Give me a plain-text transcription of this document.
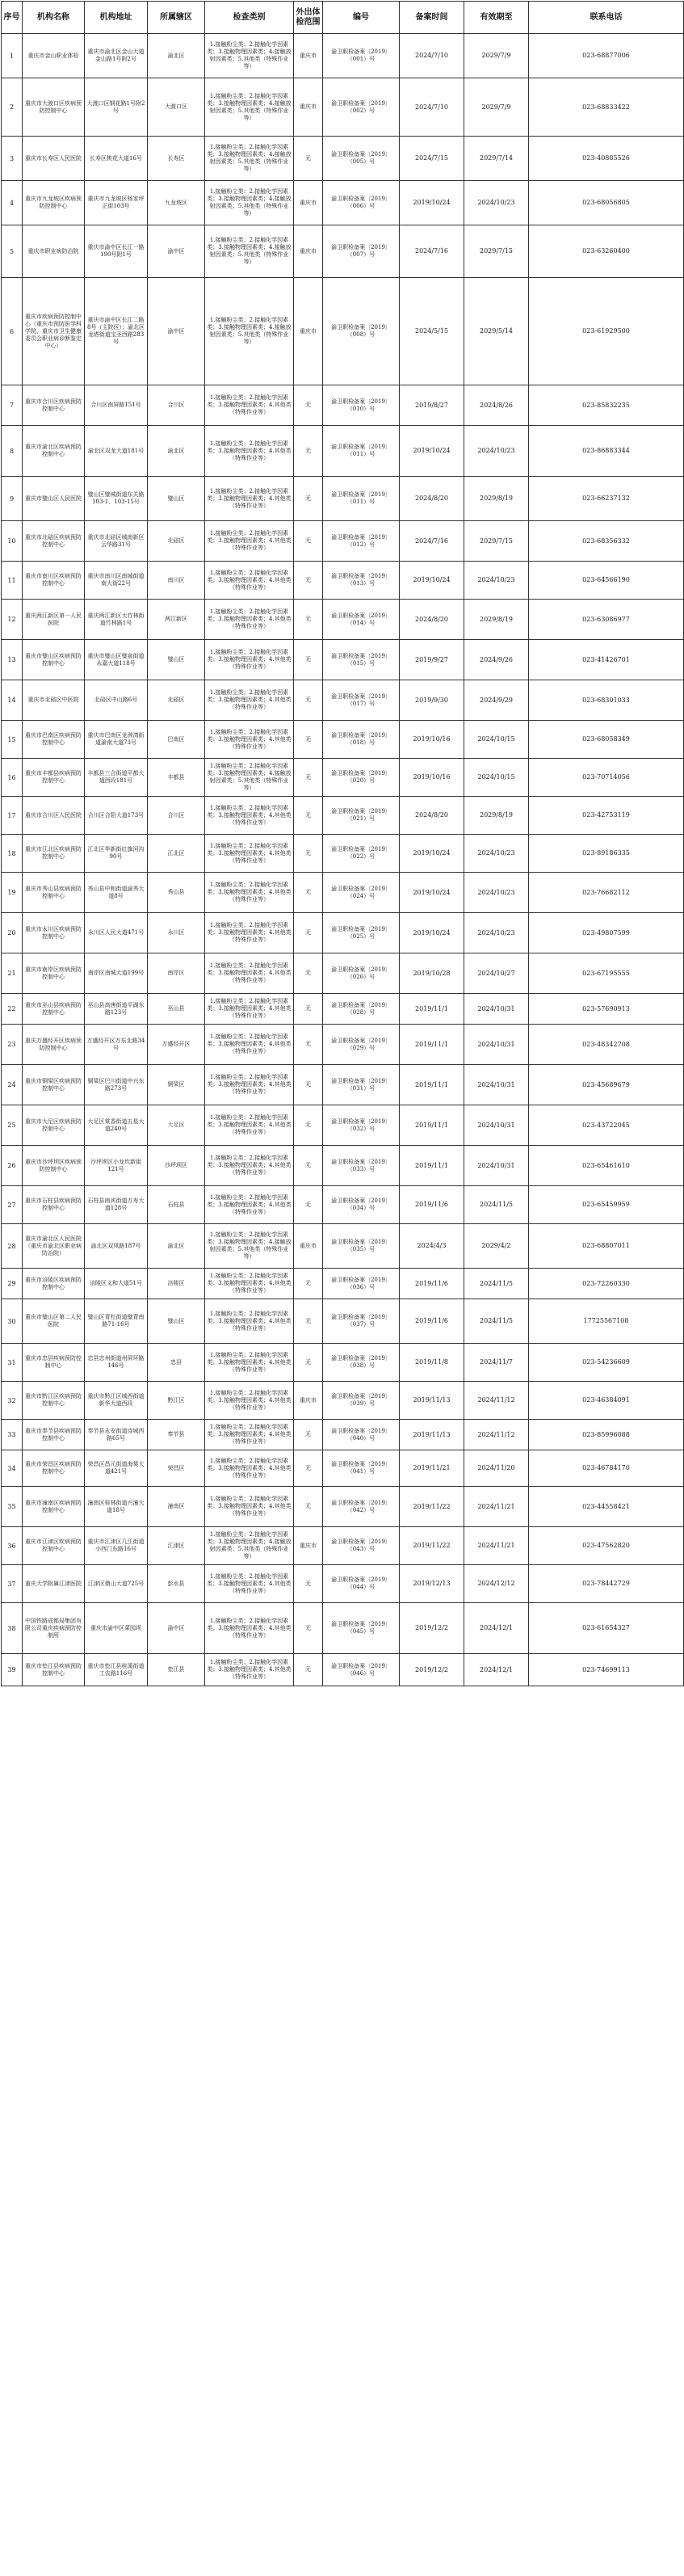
序号	机构名称	机构地址	所属辖区	检查类别	外出体检范围	编号	备案时间	有效期至	联系电话
1	重庆市金山职业体检	重庆市渝北区金山大道金山路1号附2号	渝北区	1.接触粉尘类；2.接触化学因素类；3.接触物理因素类；4.接触放射因素类；5.其他类（特殊作业等）	重庆市	渝卫职检备案〔2019〕（001）号	2024/7/10	2029/7/9	023-68877006
2	重庆市大渡口区疾病预防控制中心	大渡口区钢花路1号附2号	大渡口区	1.接触粉尘类；2.接触化学因素类；3.接触物理因素类；4.接触放射因素类；5.其他类（特殊作业等）	重庆市	渝卫职检备案〔2019〕（002）号	2024/7/10	2029/7/9	023-68833422
3	重庆市长寿区人民医院	长寿区桃花大道16号	长寿区	1.接触粉尘类；2.接触化学因素类；3.接触物理因素类；4.接触放射因素类；5.其他类（特殊作业等）	无	渝卫职检备案〔2019〕（005）号	2024/7/15	2029/7/14	023-40885526
4	重庆市九龙坡区疾病预防控制中心	重庆市九龙坡区杨家坪正街103号	九龙坡区	1.接触粉尘类；2.接触化学因素类；3.接触物理因素类；4.接触放射因素类；5.其他类（特殊作业等）	重庆市	渝卫职检备案〔2019〕（006）号	2019/10/24	2024/10/23	023-68056805
5	重庆市职业病防治院	重庆市渝中区长江一路190号附1号	渝中区	1.接触粉尘类；2.接触化学因素类；3.接触物理因素类；4.接触放射因素类；5.其他类（特殊作业等）	重庆市	渝卫职检备案〔2019〕（007）号	2024/7/16	2029/7/15	023-63260400
6	重庆市疾病预防控制中心（重庆市预防医学科学院、重庆市卫生健康委员会职业病诊断鉴定中心）	重庆市渝中区长江二路8号（主院区）；渝北区龙塔街道宝圣西路283号	渝中区	1.接触粉尘类；2.接触化学因素类；3.接触物理因素类；4.接触放射因素类；5.其他类（特殊作业等）	重庆市	渝卫职检备案〔2019〕（008）号	2024/5/15	2029/5/14	023-61929500
7	重庆市合川区疾病预防控制中心	合川区南屏路151号	合川区	1.接触粉尘类；2.接触化学因素类；3.接触物理因素类；4.其他类（特殊作业等）	无	渝卫职检备案〔2019〕（010）号	2019/8/27	2024/8/26	023-85832235
8	重庆市渝北区疾病预防控制中心	渝北区双龙大道181号	渝北区	1.接触粉尘类；2.接触化学因素类；3.接触物理因素类；4.其他类（特殊作业等）	无	渝卫职检备案〔2019〕（011）号	2019/10/24	2024/10/23	023-86883344
9	重庆市璧山区人民医院	璧山区璧城街道东关路103-1、103-15号	璧山区	1.接触粉尘类；2.接触化学因素类；3.接触物理因素类；4.其他类（特殊作业等）	无	渝卫职检备案〔2019〕（011）号	2024/8/20	2029/8/19	023-66237132
10	重庆市北碚区疾病预防控制中心	重庆市北碚区城南新区云华路31号	北碚区	1.接触粉尘类；2.接触化学因素类；3.接触物理因素类；4.其他类（特殊作业等）	无	渝卫职检备案〔2019〕（012）号	2024/7/16	2029/7/15	023-68356332
11	重庆市南川区疾病预防控制中心	重庆市南川区南城街道南大街22号	南川区	1.接触粉尘类；2.接触化学因素类；3.接触物理因素类；4.其他类（特殊作业等）	无	渝卫职检备案〔2019〕（013）号	2019/10/24	2024/10/23	023-64566190
12	重庆两江新区第一人民医院	重庆两江新区大竹林街道竹林路1号	两江新区	1.接触粉尘类；2.接触化学因素类；3.接触物理因素类；4.其他类（特殊作业等）	无	渝卫职检备案〔2019〕（014）号	2024/8/20	2029/8/19	023-63086977
13	重庆市璧山区疾病预防控制中心	重庆市璧山区璧泉街道永嘉大道118号	璧山区	1.接触粉尘类；2.接触化学因素类；3.接触物理因素类；4.其他类（特殊作业等）	无	渝卫职检备案〔2019〕（015）号	2019/9/27	2024/9/26	023-41426701
14	重庆市北碚区中医院	北碚区中山路6号	北碚区	1.接触粉尘类；2.接触化学因素类；3.接触物理因素类；4.其他类（特殊作业等）	无	渝卫职检备案〔2019〕（017）号	2019/9/30	2024/9/29	023-68301033
15	重庆市巴南区疾病预防控制中心	重庆市巴南区龙洲湾街道渝南大道73号	巴南区	1.接触粉尘类；2.接触化学因素类；3.接触物理因素类；4.其他类（特殊作业等）	无	渝卫职检备案〔2019〕（018）号	2019/10/16	2024/10/15	023-68058349
16	重庆市丰都县疾病预防控制中心	丰都县三合街道平都大道西段181号	丰都县	1.接触粉尘类；2.接触化学因素类；3.接触物理因素类；4.接触放射因素类；5.其他类（特殊作业等）	无	渝卫职检备案〔2019〕（020）号	2019/10/16	2024/10/15	023-70714056
17	重庆市合川区人民医院	合川区合阳大道173号	合川区	1.接触粉尘类；2.接触化学因素类；3.接触物理因素类；4.其他类（特殊作业等）	无	渝卫职检备案〔2019〕（021）号	2024/8/20	2029/8/19	023-42753119
18	重庆市江北区疾病预防控制中心	江北区华新街红旗河沟90号	江北区	1.接触粉尘类；2.接触化学因素类；3.接触物理因素类；4.其他类（特殊作业等）	无	渝卫职检备案〔2019〕（022）号	2019/10/24	2024/10/23	023-89186335
19	重庆市秀山县疾病预防控制中心	秀山县中和街道渝秀大道8号	秀山县	1.接触粉尘类；2.接触化学因素类；3.接触物理因素类；4.其他类（特殊作业等）	无	渝卫职检备案〔2019〕（024）号	2019/10/24	2024/10/23	023-76682112
20	重庆市永川区疾病预防控制中心	永川区人民大道471号	永川区	1.接触粉尘类；2.接触化学因素类；3.接触物理因素类；4.其他类（特殊作业等）	无	渝卫职检备案〔2019〕（025）号	2019/10/24	2024/10/23	023-49807599
21	重庆市南岸区疾病预防控制中心	南岸区南城大道199号	南岸区	1.接触粉尘类；2.接触化学因素类；3.接触物理因素类；4.其他类（特殊作业等）	无	渝卫职检备案〔2019〕（026）号	2019/10/28	2024/10/27	023-67195555
22	重庆市巫山县疾病预防控制中心	巫山县高唐街道平湖东路123号	巫山县	1.接触粉尘类；2.接触化学因素类；3.接触物理因素类；4.其他类（特殊作业等）	无	渝卫职检备案〔2019〕（028）号	2019/11/1	2024/10/31	023-57690913
23	重庆万盛经开区疾病预防控制中心	万盛经开区万东北路34号	万盛经开区	1.接触粉尘类；2.接触化学因素类；3.接触物理因素类；4.其他类（特殊作业等）	无	渝卫职检备案〔2019〕（029）号	2019/11/1	2024/10/31	023-48342708
24	重庆市铜梁区疾病预防控制中心	铜梁区巴川街道中兴东路273号	铜梁区	1.接触粉尘类；2.接触化学因素类；3.接触物理因素类；4.其他类（特殊作业等）	无	渝卫职检备案〔2019〕（031）号	2019/11/1	2024/10/31	023-45689679
25	重庆市大足区疾病预防控制中心	大足区棠香街道五星大道240号	大足区	1.接触粉尘类；2.接触化学因素类；3.接触物理因素类；4.其他类（特殊作业等）	无	渝卫职检备案〔2019〕（032）号	2019/11/1	2024/10/31	023-43722045
26	重庆市沙坪坝区疾病预防控制中心	沙坪坝区小龙坎新街121号	沙坪坝区	1.接触粉尘类；2.接触化学因素类；3.接触物理因素类；4.其他类（特殊作业等）	无	渝卫职检备案〔2019〕（033）号	2019/11/1	2024/10/31	023-65461610
27	重庆市石柱县疾病预防控制中心	石柱县南宾街道万寿大道128号	石柱县	1.接触粉尘类；2.接触化学因素类；3.接触物理因素类；4.其他类（特殊作业等）	无	渝卫职检备案〔2019〕（034）号	2019/11/6	2024/11/5	023-65459959
28	重庆市渝北区人民医院（重庆市渝北区职业病防治院）	渝北区双凤路187号	渝北区	1.接触粉尘类；2.接触化学因素类；3.接触物理因素类；4.接触放射因素类；5.其他类（特殊作业等）	重庆市	渝卫职检备案〔2019〕（035）号	2024/4/3	2029/4/2	023-68807011
29	重庆市涪陵区疾病预防控制中心	涪陵区义和大道51号	涪陵区	1.接触粉尘类；2.接触化学因素类；3.接触物理因素类；4.其他类（特殊作业等）	无	渝卫职检备案〔2019〕（036）号	2019/11/6	2024/11/5	023-72260330
30	重庆市璧山区第二人民医院	璧山区青杠街道璧青南路71-16号	璧山区	1.接触粉尘类；2.接触化学因素类；3.接触物理因素类；4.其他类（特殊作业等）	无	渝卫职检备案〔2019〕（037）号	2019/11/6	2024/11/5	17725567108
31	重庆市忠县疾病预防控制中心	忠县忠州街道州屏环路146号	忠县	1.接触粉尘类；2.接触化学因素类；3.接触物理因素类；4.其他类（特殊作业等）	无	渝卫职检备案〔2019〕（038）号	2019/11/8	2024/11/7	023-54236609
32	重庆市黔江区疾病预防控制中心	重庆市黔江区城西街道新华大道西段	黔江区	1.接触粉尘类；2.接触化学因素类；3.接触物理因素类；4.其他类（特殊作业等）	重庆市	渝卫职检备案〔2019〕（039）号	2019/11/13	2024/11/12	023-46384091
33	重庆市奉节县疾病预防控制中心	奉节县永安街道诗城西路65号	奉节县	1.接触粉尘类；2.接触化学因素类；3.接触物理因素类；4.其他类（特殊作业等）	无	渝卫职检备案〔2019〕（040）号	2019/11/13	2024/11/12	023-85996088
34	重庆市荣昌区疾病预防控制中心	荣昌区昌元街道海棠大道421号	荣昌区	1.接触粉尘类；2.接触化学因素类；3.接触物理因素类；4.其他类（特殊作业等）	无	渝卫职检备案〔2019〕（041）号	2019/11/21	2024/11/20	023-46784170
35	重庆市潼南区疾病预防控制中心	潼南区桂林街道兴潼大道18号	潼南区	1.接触粉尘类；2.接触化学因素类；3.接触物理因素类；4.其他类（特殊作业等）	无	渝卫职检备案〔2019〕（042）号	2019/11/22	2024/11/21	023-44558421
36	重庆市江津区疾病预防控制中心	重庆市江津区几江街道小西门东路16号	江津区	1.接触粉尘类；2.接触化学因素类；3.接触物理因素类；4.接触放射因素类；5.其他类（特殊作业等）	重庆市	渝卫职检备案〔2019〕（043）号	2019/11/22	2024/11/21	023-47562820
37	重庆大学附属江津医院	江津区鼎山大道725号	彭水县	1.接触粉尘类；2.接触化学因素类；3.接触物理因素类；4.其他类（特殊作业等）	无	渝卫职检备案〔2019〕（044）号	2019/12/13	2024/12/12	023-78442729
38	中国铁路成都局集团有限公司重庆疾病预防控制所	重庆市渝中区菜园坝	渝中区	1.接触粉尘类；2.接触化学因素类；3.接触物理因素类；4.其他类（特殊作业等）	无	渝卫职检备案〔2019〕（045）号	2019/12/2	2024/12/1	023-61654327
39	重庆市垫江县疾病预防控制中心	重庆市垫江县桂溪街道工农路116号	垫江县	1.接触粉尘类；2.接触化学因素类；3.接触物理因素类；4.其他类（特殊作业等）	无	渝卫职检备案〔2019〕（046）号	2019/12/2	2024/12/1	023-74699113
